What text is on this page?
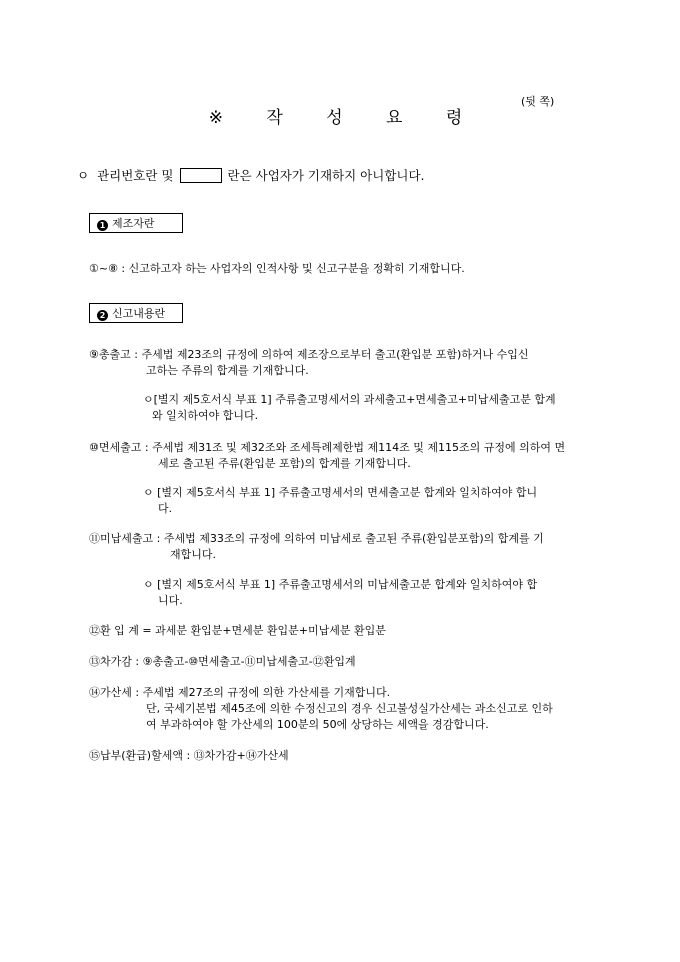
(뒷 쪽)
※ 작 성 요 령
ㅇ 관리번호란 및	란은 사업자가 기재하지 아니합니다.
1 제조자란
①~⑧ : 신고하고자 하는 사업자의 인적사항 및 신고구분을 정확히 기재합니다.
2 신고내용란
⑨총출고 : 주세법 제23조의 규정에 의하여 제조장으로부터 출고(환입분 포함)하거나 수입신
고하는 주류의 합계를 기재합니다.
ㅇ[별지 제5호서식 부표 1] 주류출고명세서의 과세출고+면세출고+미납세출고분 합계
와 일치하여야 합니다.
⑩면세출고 : 주세법 제31조 및 제32조와 조세특례제한법 제114조 및 제115조의 규정에 의하여 면
세로 출고된 주류(환입분 포함)의 합계를 기재합니다.
ㅇ [별지 제5호서식 부표 1] 주류출고명세서의 면세출고분 합계와 일치하여야 합니
다.
⑪미납세출고 : 주세법 제33조의 규정에 의하여 미납세로 출고된 주류(환입분포함)의 합계를 기
재합니다.
ㅇ [별지 제5호서식 부표 1] 주류출고명세서의 미납세출고분 합계와 일치하여야 합
니다.
⑫환 입 계 = 과세분 환입분+면세분 환입분+미납세분 환입분
⑬차가감 : ⑨총출고-⑩면세출고-⑪미납세출고-⑫환입계
⑭가산세 : 주세법 제27조의 규정에 의한 가산세를 기재합니다.
단, 국세기본법 제45조에 의한 수정신고의 경우 신고불성실가산세는 과소신고로 인하
여 부과하여야 할 가산세의 100분의 50에 상당하는 세액을 경감합니다.
⑮납부(환급)할세액 : ⑬차가감+⑭가산세
